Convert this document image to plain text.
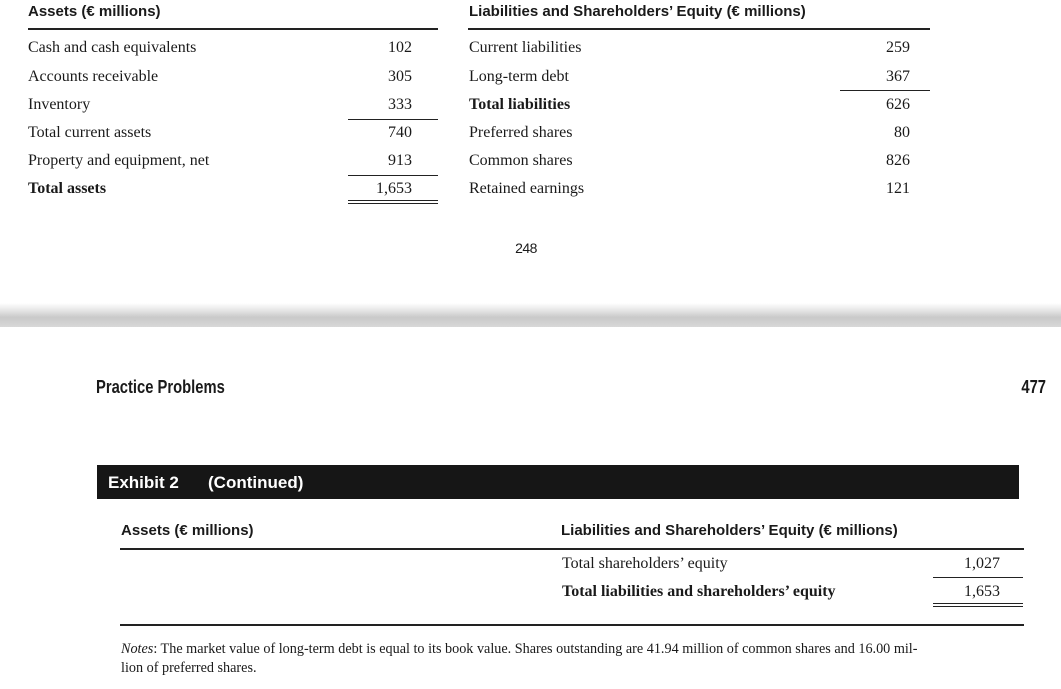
Assets (€ millions)	Liabilities and Shareholders’ Equity (€ millions)
Cash and cash equivalents	102
Accounts receivable	305
Inventory	333
Total current assets	740
Property and equipment, net	913
Total assets	1,653
Current liabilities	259
Long-term debt	367
Total liabilities	626
Preferred shares	80
Common shares	826
Retained earnings	121
248
Practice Problems	477
Exhibit 2 (Continued)
Assets (€ millions)	Liabilities and Shareholders’ Equity (€ millions)
Total shareholders’ equity	1,027
Total liabilities and shareholders’ equity	1,653
Notes: The market value of long-term debt is equal to its book value. Shares outstanding are 41.94 million of common shares and 16.00 mil-
lion of preferred shares.
